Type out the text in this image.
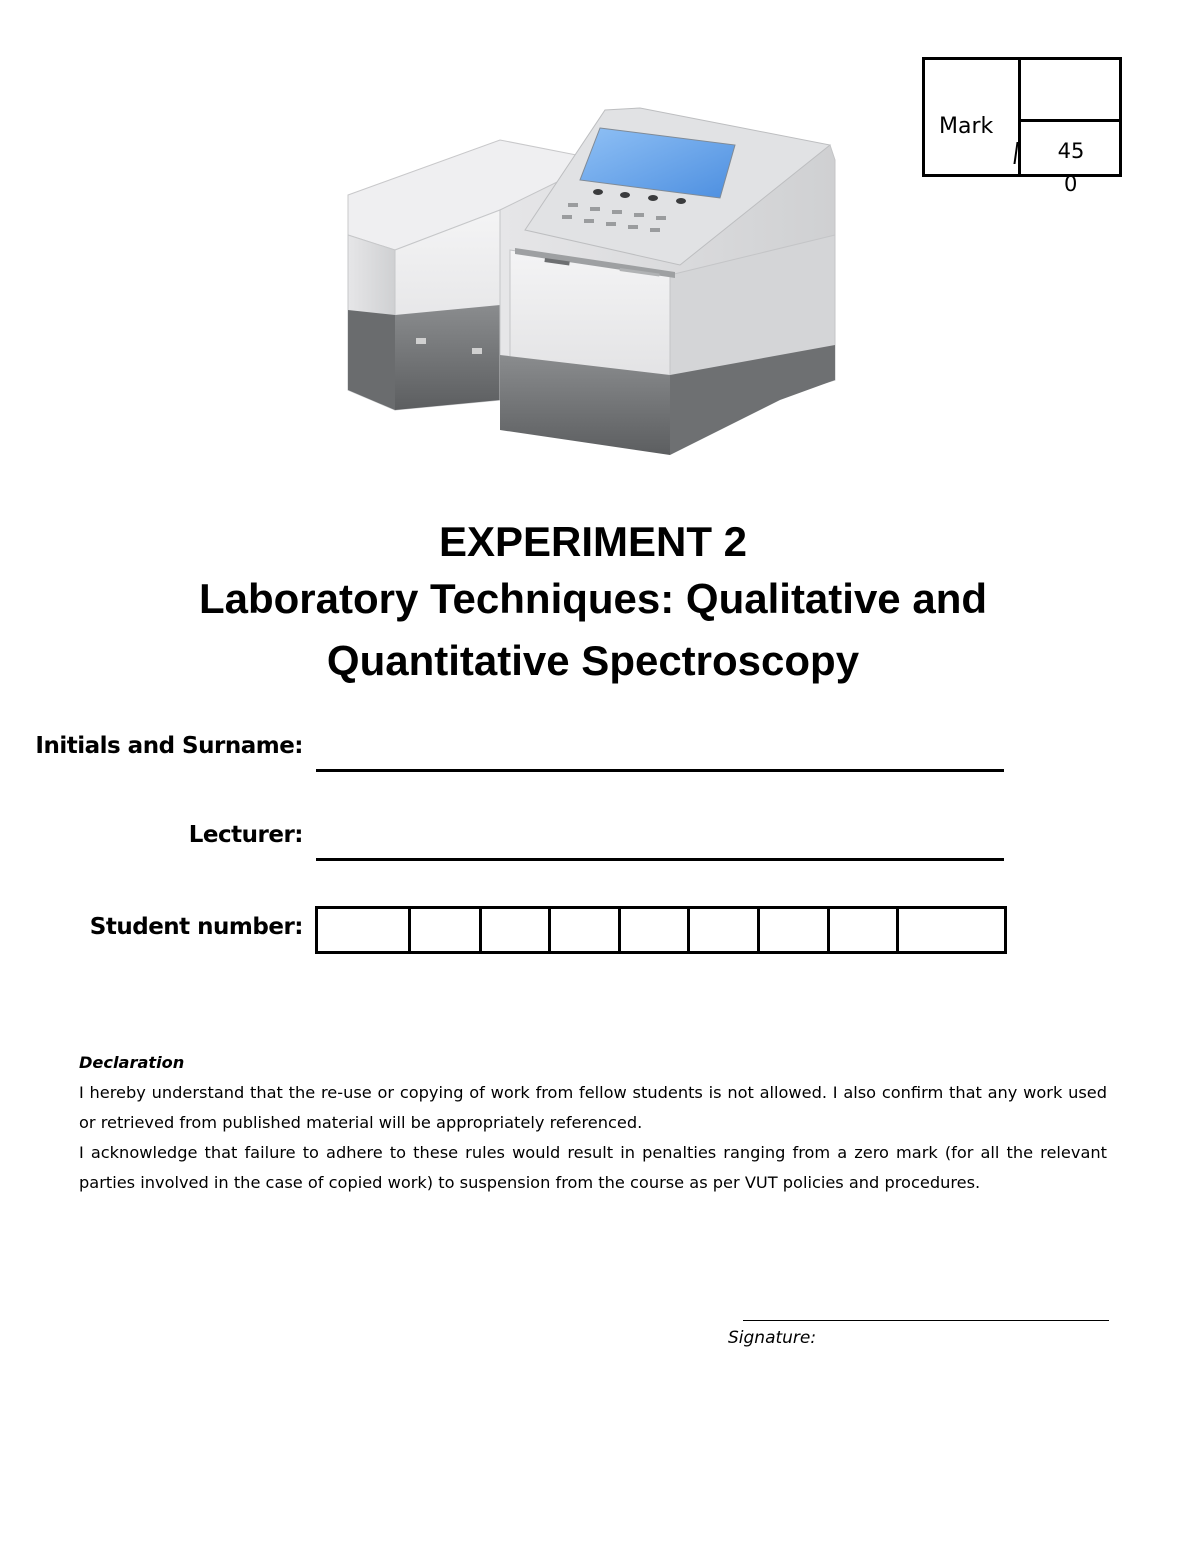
Mark
45
0
EXPERIMENT 2
Laboratory Techniques: Qualitative and
Quantitative Spectroscopy
Initials and Surname:
Lecturer:
Student number:
Declaration

I hereby understand that the re-use or copying of work from fellow students is not allowed. I also confirm that any work used or retrieved from published material will be appropriately referenced.

I acknowledge that failure to adhere to these rules would result in penalties ranging from a zero mark (for all the relevant parties involved in the case of copied work) to suspension from the course as per VUT policies and procedures.

Signature:
